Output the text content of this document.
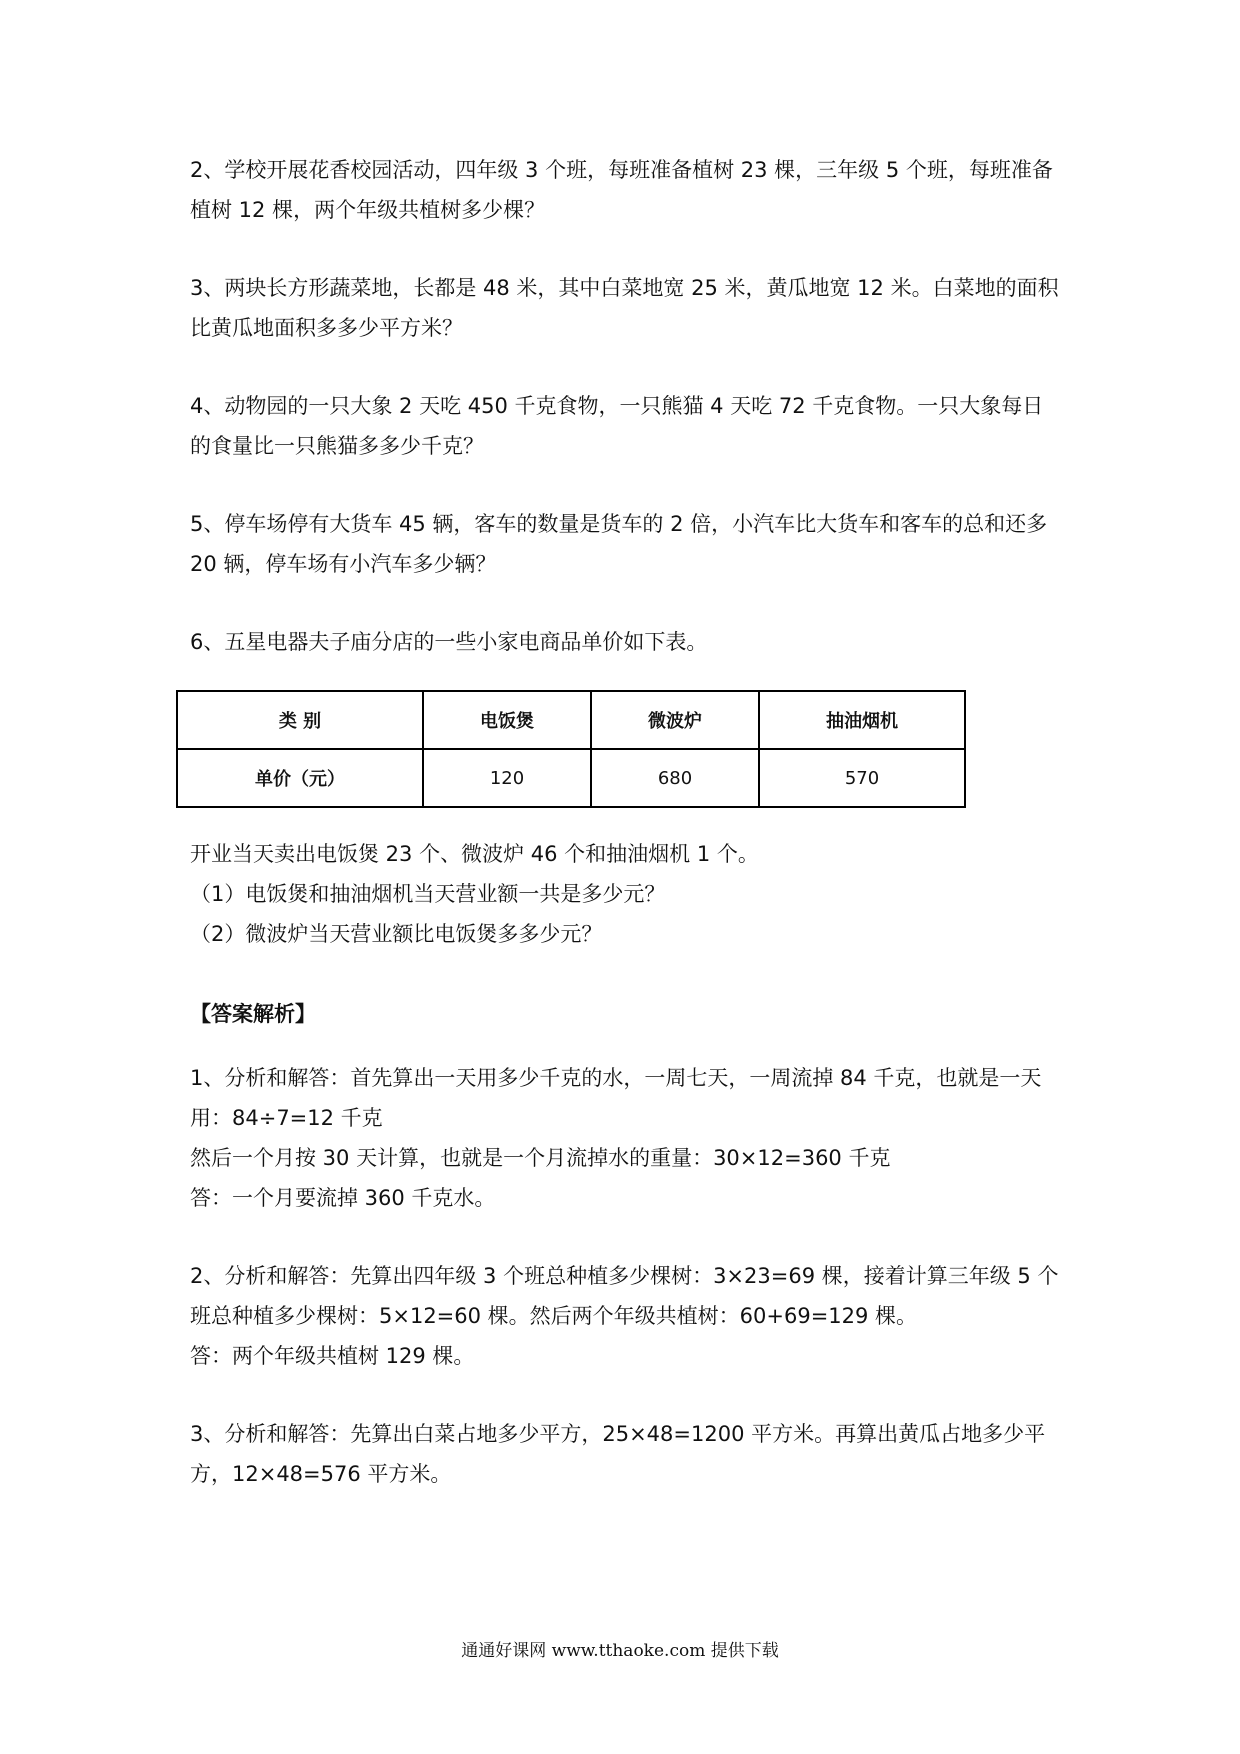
2、学校开展花香校园活动，四年级 3 个班，每班准备植树 23 棵，三年级 5 个班，每班准备植树 12 棵，两个年级共植树多少棵？

3、两块长方形蔬菜地，长都是 48 米，其中白菜地宽 25 米，黄瓜地宽 12 米。白菜地的面积比黄瓜地面积多多少平方米？

4、动物园的一只大象 2 天吃 450 千克食物，一只熊猫 4 天吃 72 千克食物。一只大象每日的食量比一只熊猫多多少千克？

5、停车场停有大货车 45 辆，客车的数量是货车的 2 倍，小汽车比大货车和客车的总和还多 20 辆，停车场有小汽车多少辆？

6、五星电器夫子庙分店的一些小家电商品单价如下表。

类 别	电饭煲	微波炉	抽油烟机
单价（元）	120	680	570

开业当天卖出电饭煲 23 个、微波炉 46 个和抽油烟机 1 个。

（1）电饭煲和抽油烟机当天营业额一共是多少元？

（2）微波炉当天营业额比电饭煲多多少元？

【答案解析】

1、分析和解答：首先算出一天用多少千克的水，一周七天，一周流掉 84 千克，也就是一天用：84÷7=12 千克

然后一个月按 30 天计算，也就是一个月流掉水的重量：30×12=360 千克

答：一个月要流掉 360 千克水。

2、分析和解答：先算出四年级 3 个班总种植多少棵树：3×23=69 棵，接着计算三年级 5 个班总种植多少棵树：5×12=60 棵。然后两个年级共植树：60+69=129 棵。

答：两个年级共植树 129 棵。

3、分析和解答：先算出白菜占地多少平方，25×48=1200 平方米。再算出黄瓜占地多少平方，12×48=576 平方米。

通通好课网 www.tthaoke.com 提供下载
